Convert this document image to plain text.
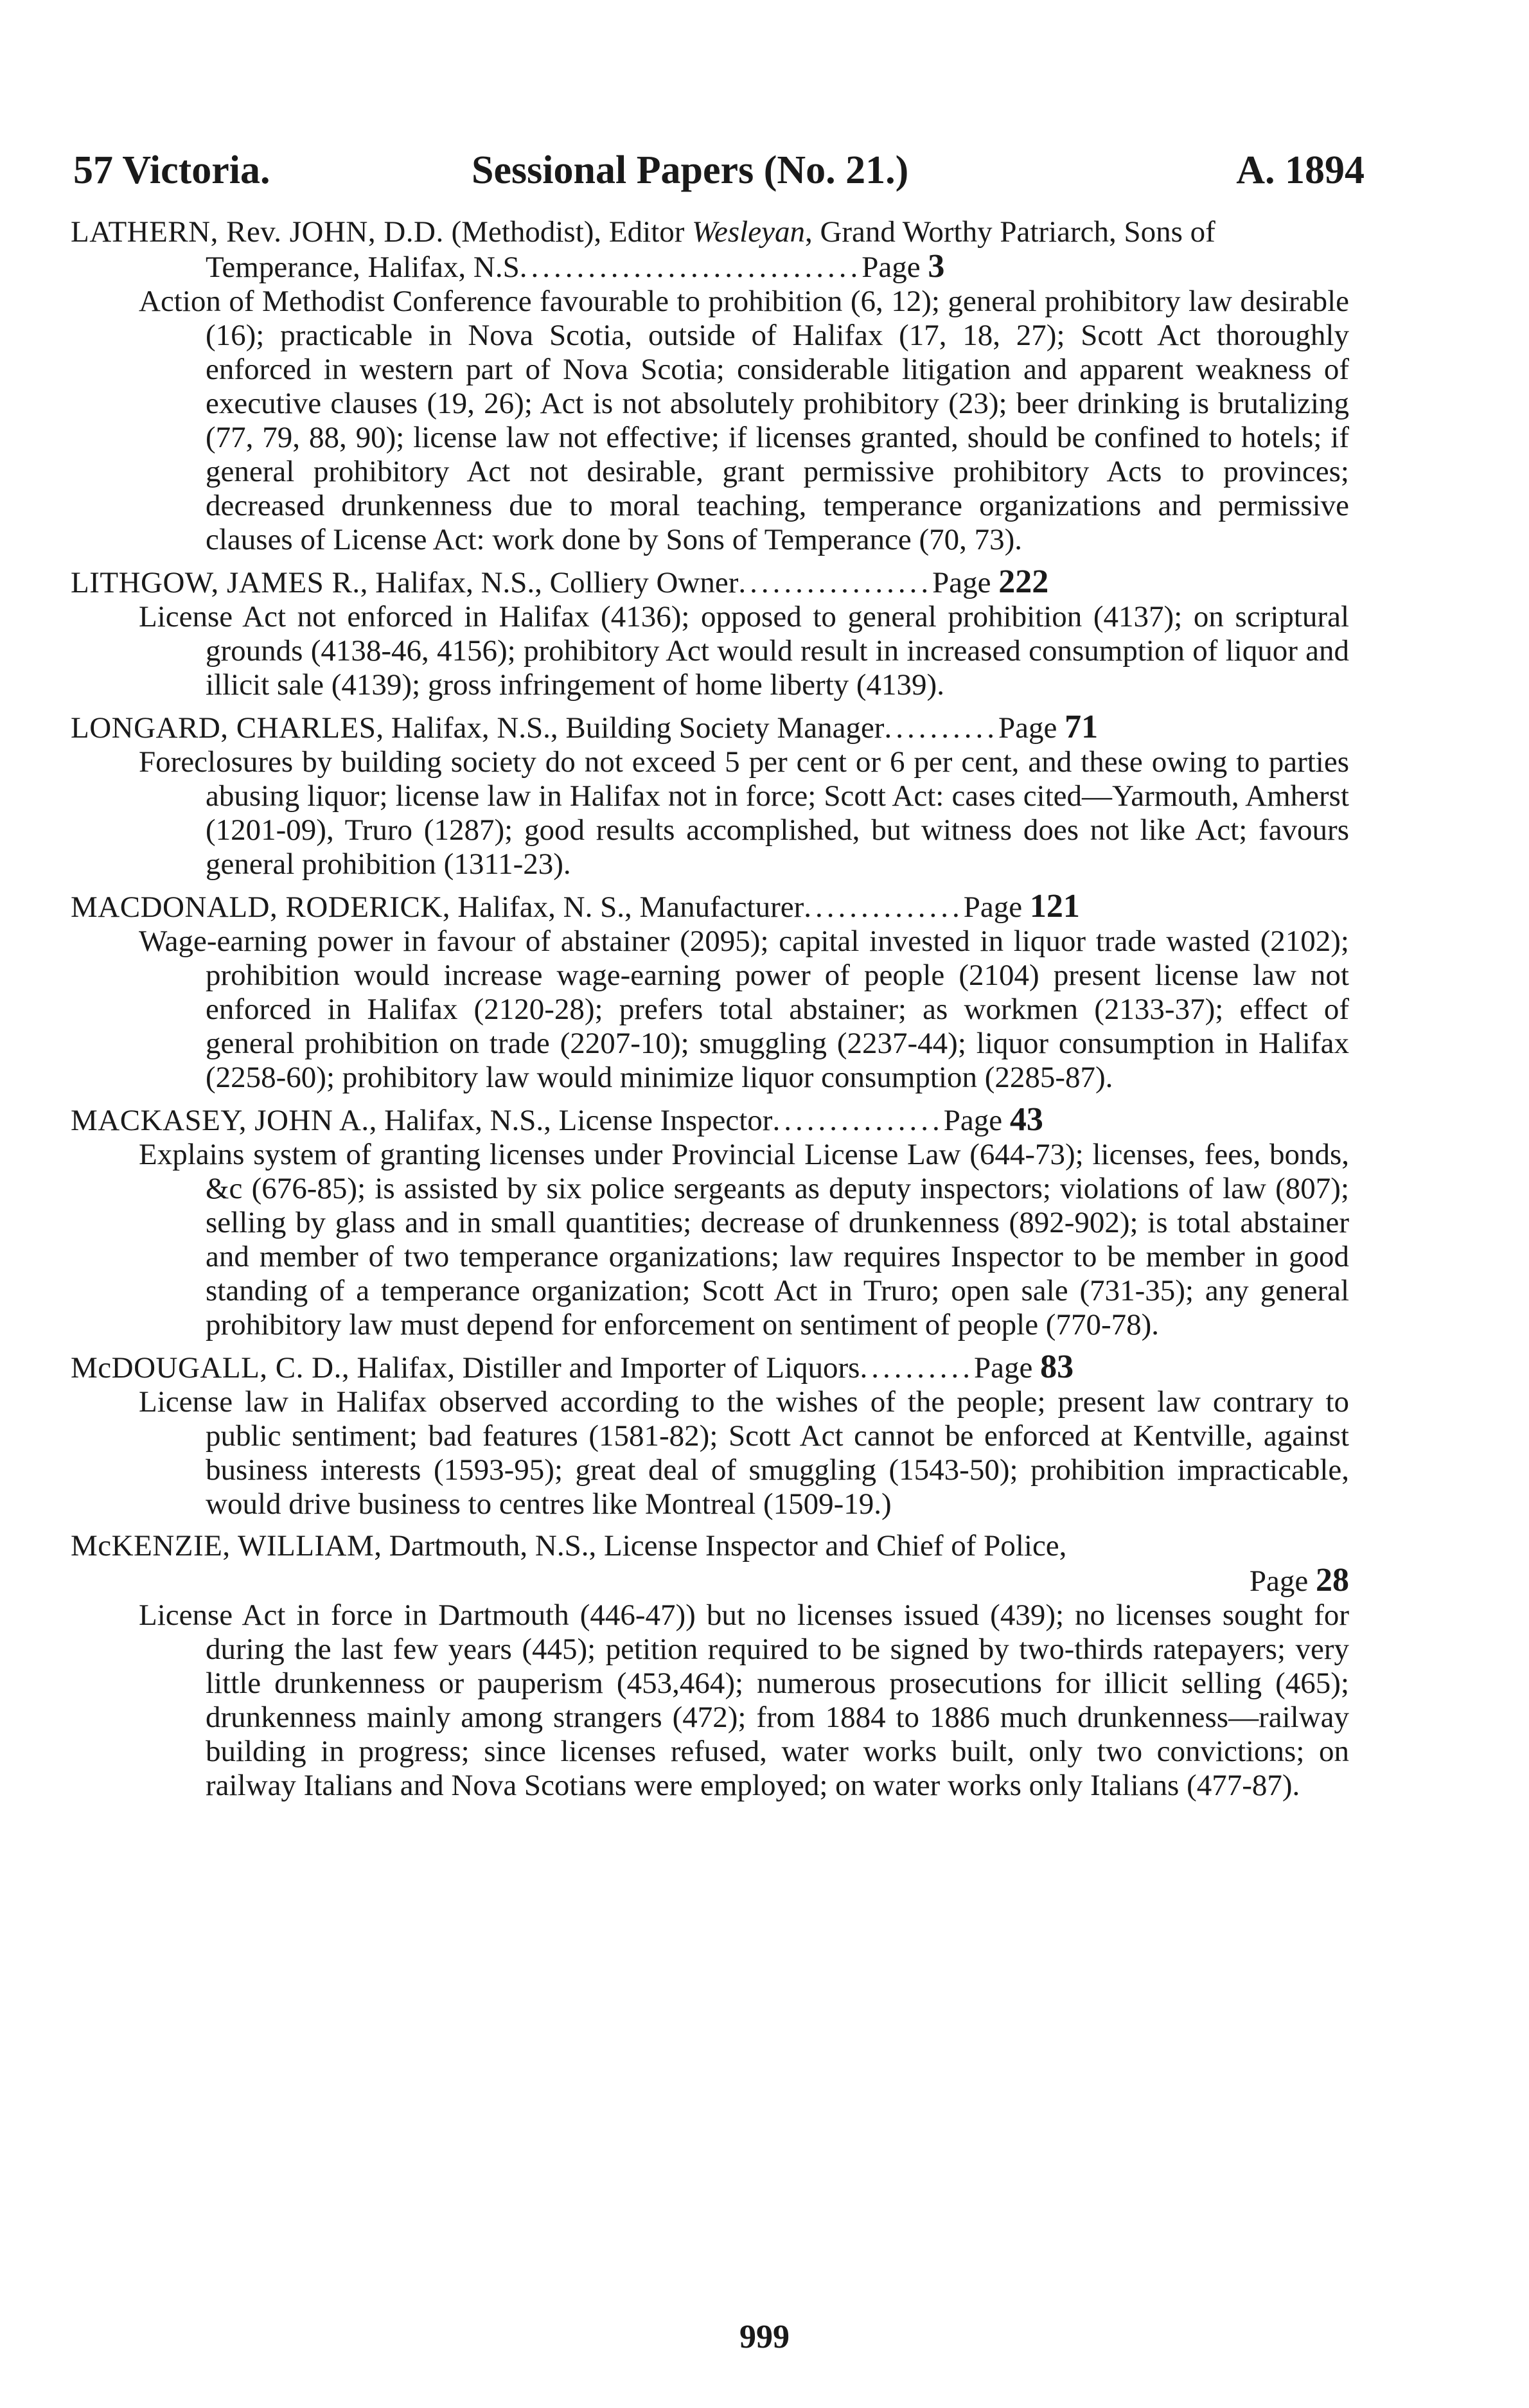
57 Victoria.	Sessional Papers (No. 21.)	A. 1894

LATHERN, Rev. JOHN, D.D. (Methodist), Editor Wesleyan, Grand Worthy Patriarch, Sons of Temperance, Halifax, N.S..............................Page 3

Action of Methodist Conference favourable to prohibition (6, 12); general prohibitory law desirable (16); practicable in Nova Scotia, outside of Halifax (17, 18, 27); Scott Act thoroughly enforced in western part of Nova Scotia; considerable litigation and apparent weakness of executive clauses (19, 26); Act is not absolutely prohibitory (23); beer drinking is brutalizing (77, 79, 88, 90); license law not effective; if licenses granted, should be confined to hotels; if general prohibitory Act not desirable, grant permissive prohibitory Acts to provinces; decreased drunkenness due to moral teaching, temperance organizations and permissive clauses of License Act: work done by Sons of Temperance (70, 73).

LITHGOW, JAMES R., Halifax, N.S., Colliery Owner.................Page 222

License Act not enforced in Halifax (4136); opposed to general prohibition (4137); on scriptural grounds (4138-46, 4156); prohibitory Act would result in increased consumption of liquor and illicit sale (4139); gross infringement of home liberty (4139).

LONGARD, CHARLES, Halifax, N.S., Building Society Manager..........Page 71

Foreclosures by building society do not exceed 5 per cent or 6 per cent, and these owing to parties abusing liquor; license law in Halifax not in force; Scott Act: cases cited—Yarmouth, Amherst (1201-09), Truro (1287); good results accomplished, but witness does not like Act; favours general prohibition (1311-23).

MACDONALD, RODERICK, Halifax, N. S., Manufacturer..............Page 121

Wage-earning power in favour of abstainer (2095); capital invested in liquor trade wasted (2102); prohibition would increase wage-earning power of people (2104) present license law not enforced in Halifax (2120-28); prefers total abstainer; as workmen (2133-37); effect of general prohibition on trade (2207-10); smuggling (2237-44); liquor consumption in Halifax (2258-60); prohibitory law would minimize liquor consumption (2285-87).

MACKASEY, JOHN A., Halifax, N.S., License Inspector...............Page 43

Explains system of granting licenses under Provincial License Law (644-73); licenses, fees, bonds, &c (676-85); is assisted by six police sergeants as deputy inspectors; violations of law (807); selling by glass and in small quantities; decrease of drunkenness (892-902); is total abstainer and member of two temperance organizations; law requires Inspector to be member in good standing of a temperance organization; Scott Act in Truro; open sale (731-35); any general prohibitory law must depend for enforcement on sentiment of people (770-78).

McDOUGALL, C. D., Halifax, Distiller and Importer of Liquors..........Page 83

License law in Halifax observed according to the wishes of the people; present law contrary to public sentiment; bad features (1581-82); Scott Act cannot be enforced at Kentville, against business interests (1593-95); great deal of smuggling (1543-50); prohibition impracticable, would drive business to centres like Montreal (1509-19.)

McKENZIE, WILLIAM, Dartmouth, N.S., License Inspector and Chief of Police,
Page 28

License Act in force in Dartmouth (446-47)) but no licenses issued (439); no licenses sought for during the last few years (445); petition required to be signed by two-thirds ratepayers; very little drunkenness or pauperism (453,464); numerous prosecutions for illicit selling (465); drunkenness mainly among strangers (472); from 1884 to 1886 much drunkenness—railway building in progress; since licenses refused, water works built, only two convictions; on railway Italians and Nova Scotians were employed; on water works only Italians (477-87).

999
